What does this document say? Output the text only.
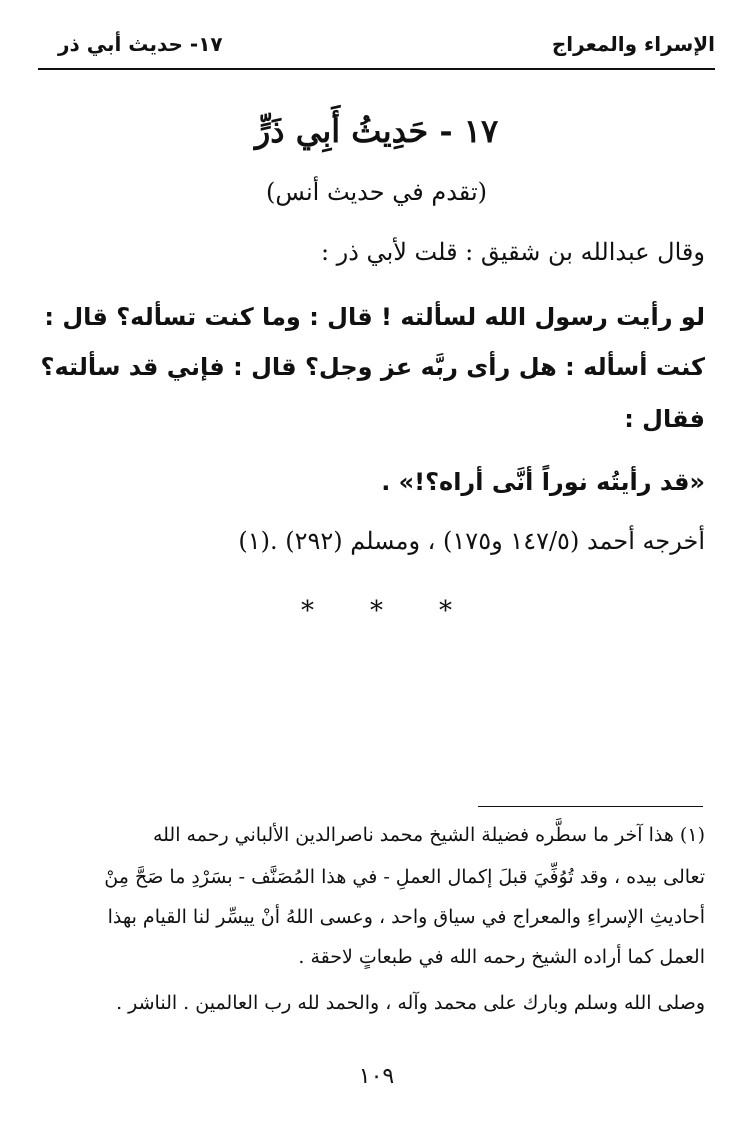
الإسراء والمعراج
١٧- حديث أبي ذر
١٧ - حَدِيثُ أَبِي ذَرٍّ
(تقدم في حديث أنس)
وقال عبدالله بن شقيق : قلت لأبي ذر :
لو رأيت رسول الله لسألته ! قال : وما كنت تسأله؟ قال :
كنت أسأله : هل رأى ربَّه عز وجل؟ قال : فإني قد سألته؟
فقال :
«قد رأيتُه نوراً أنَّى أراه؟!» .
أخرجه أحمد (١٤٧/٥ و١٧٥) ، ومسلم (٢٩٢) .(١)
***
(١) هذا آخر ما سطَّره فضيلة الشيخ محمد ناصرالدين الألباني رحمه الله
تعالى بيده ، وقد تُوُفِّيَ قبلَ إكمال العملِ - في هذا المُصَنَّف - بسَرْدِ ما صَحَّ مِنْ
أحاديثِ الإسراءِ والمعراج في سياق واحد ، وعسى اللهُ أنْ ييسِّر لنا القيام بهذا
العمل كما أراده الشيخ رحمه الله في طبعاتٍ لاحقة .
وصلى الله وسلم وبارك على محمد وآله ، والحمد لله رب العالمين . الناشر .
١٠٩
